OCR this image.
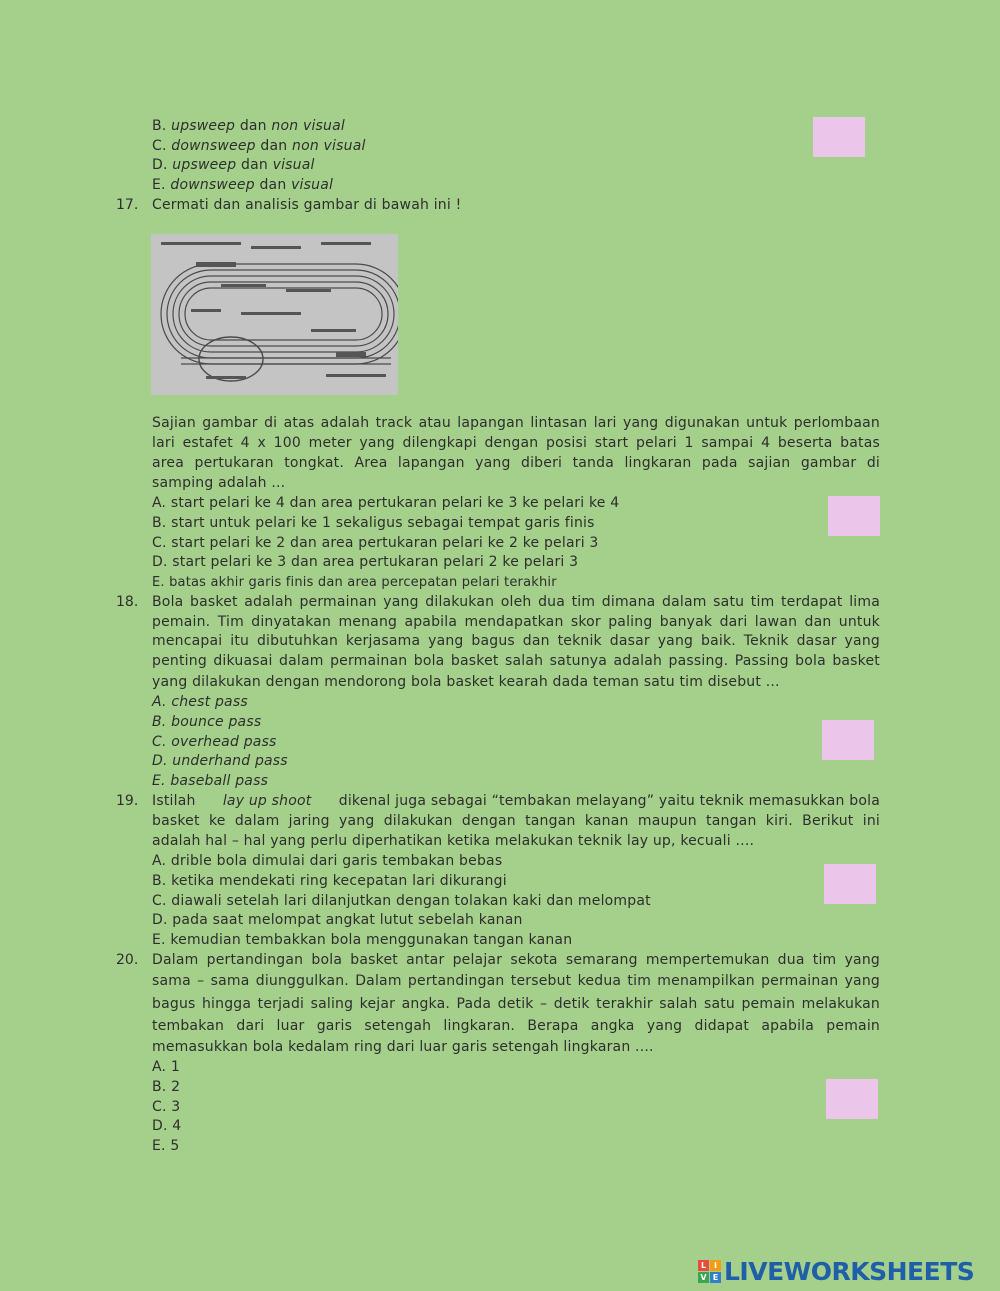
B. upsweep dan non visual
C. downsweep dan non visual
D. upsweep dan visual
E. downsweep dan visual
17. Cermati dan analisis gambar di bawah ini !
Sajian gambar di atas adalah track atau lapangan lintasan lari yang digunakan untuk perlombaan
lari estafet 4 x 100 meter yang dilengkapi dengan posisi start pelari 1 sampai 4 beserta batas
area pertukaran tongkat. Area lapangan yang diberi tanda lingkaran pada sajian gambar di
samping adalah ...
A. start pelari ke 4 dan area pertukaran pelari ke 3 ke pelari ke 4
B. start untuk pelari ke 1 sekaligus sebagai tempat garis finis
C. start pelari ke 2 dan area pertukaran pelari ke 2 ke pelari 3
D. start pelari ke 3 dan area pertukaran pelari 2 ke pelari 3
E. batas akhir garis finis dan area percepatan pelari terakhir
18. Bola basket adalah permainan yang dilakukan oleh dua tim dimana dalam satu tim terdapat lima
pemain. Tim dinyatakan menang apabila mendapatkan skor paling banyak dari lawan dan untuk
mencapai itu dibutuhkan kerjasama yang bagus dan teknik dasar yang baik. Teknik dasar yang
penting dikuasai dalam permainan bola basket salah satunya adalah passing. Passing bola basket
yang dilakukan dengan mendorong bola basket kearah dada teman satu tim disebut ...
A. chest pass
B. bounce pass
C. overhead pass
D. underhand pass
E. baseball pass
19. Istilah lay up shoot dikenal juga sebagai “tembakan melayang” yaitu teknik memasukkan bola
basket ke dalam jaring yang dilakukan dengan tangan kanan maupun tangan kiri. Berikut ini
adalah hal – hal yang perlu diperhatikan ketika melakukan teknik lay up, kecuali ....
A. drible bola dimulai dari garis tembakan bebas
B. ketika mendekati ring kecepatan lari dikurangi
C. diawali setelah lari dilanjutkan dengan tolakan kaki dan melompat
D. pada saat melompat angkat lutut sebelah kanan
E. kemudian tembakkan bola menggunakan tangan kanan
20. Dalam pertandingan bola basket antar pelajar sekota semarang mempertemukan dua tim yang
sama – sama diunggulkan. Dalam pertandingan tersebut kedua tim menampilkan permainan yang
bagus hingga terjadi saling kejar angka. Pada detik – detik terakhir salah satu pemain melakukan
tembakan dari luar garis setengah lingkaran. Berapa angka yang didapat apabila pemain
memasukkan bola kedalam ring dari luar garis setengah lingkaran ....
A. 1
B. 2
C. 3
D. 4
E. 5
L I
V E LIVEWORKSHEETS
